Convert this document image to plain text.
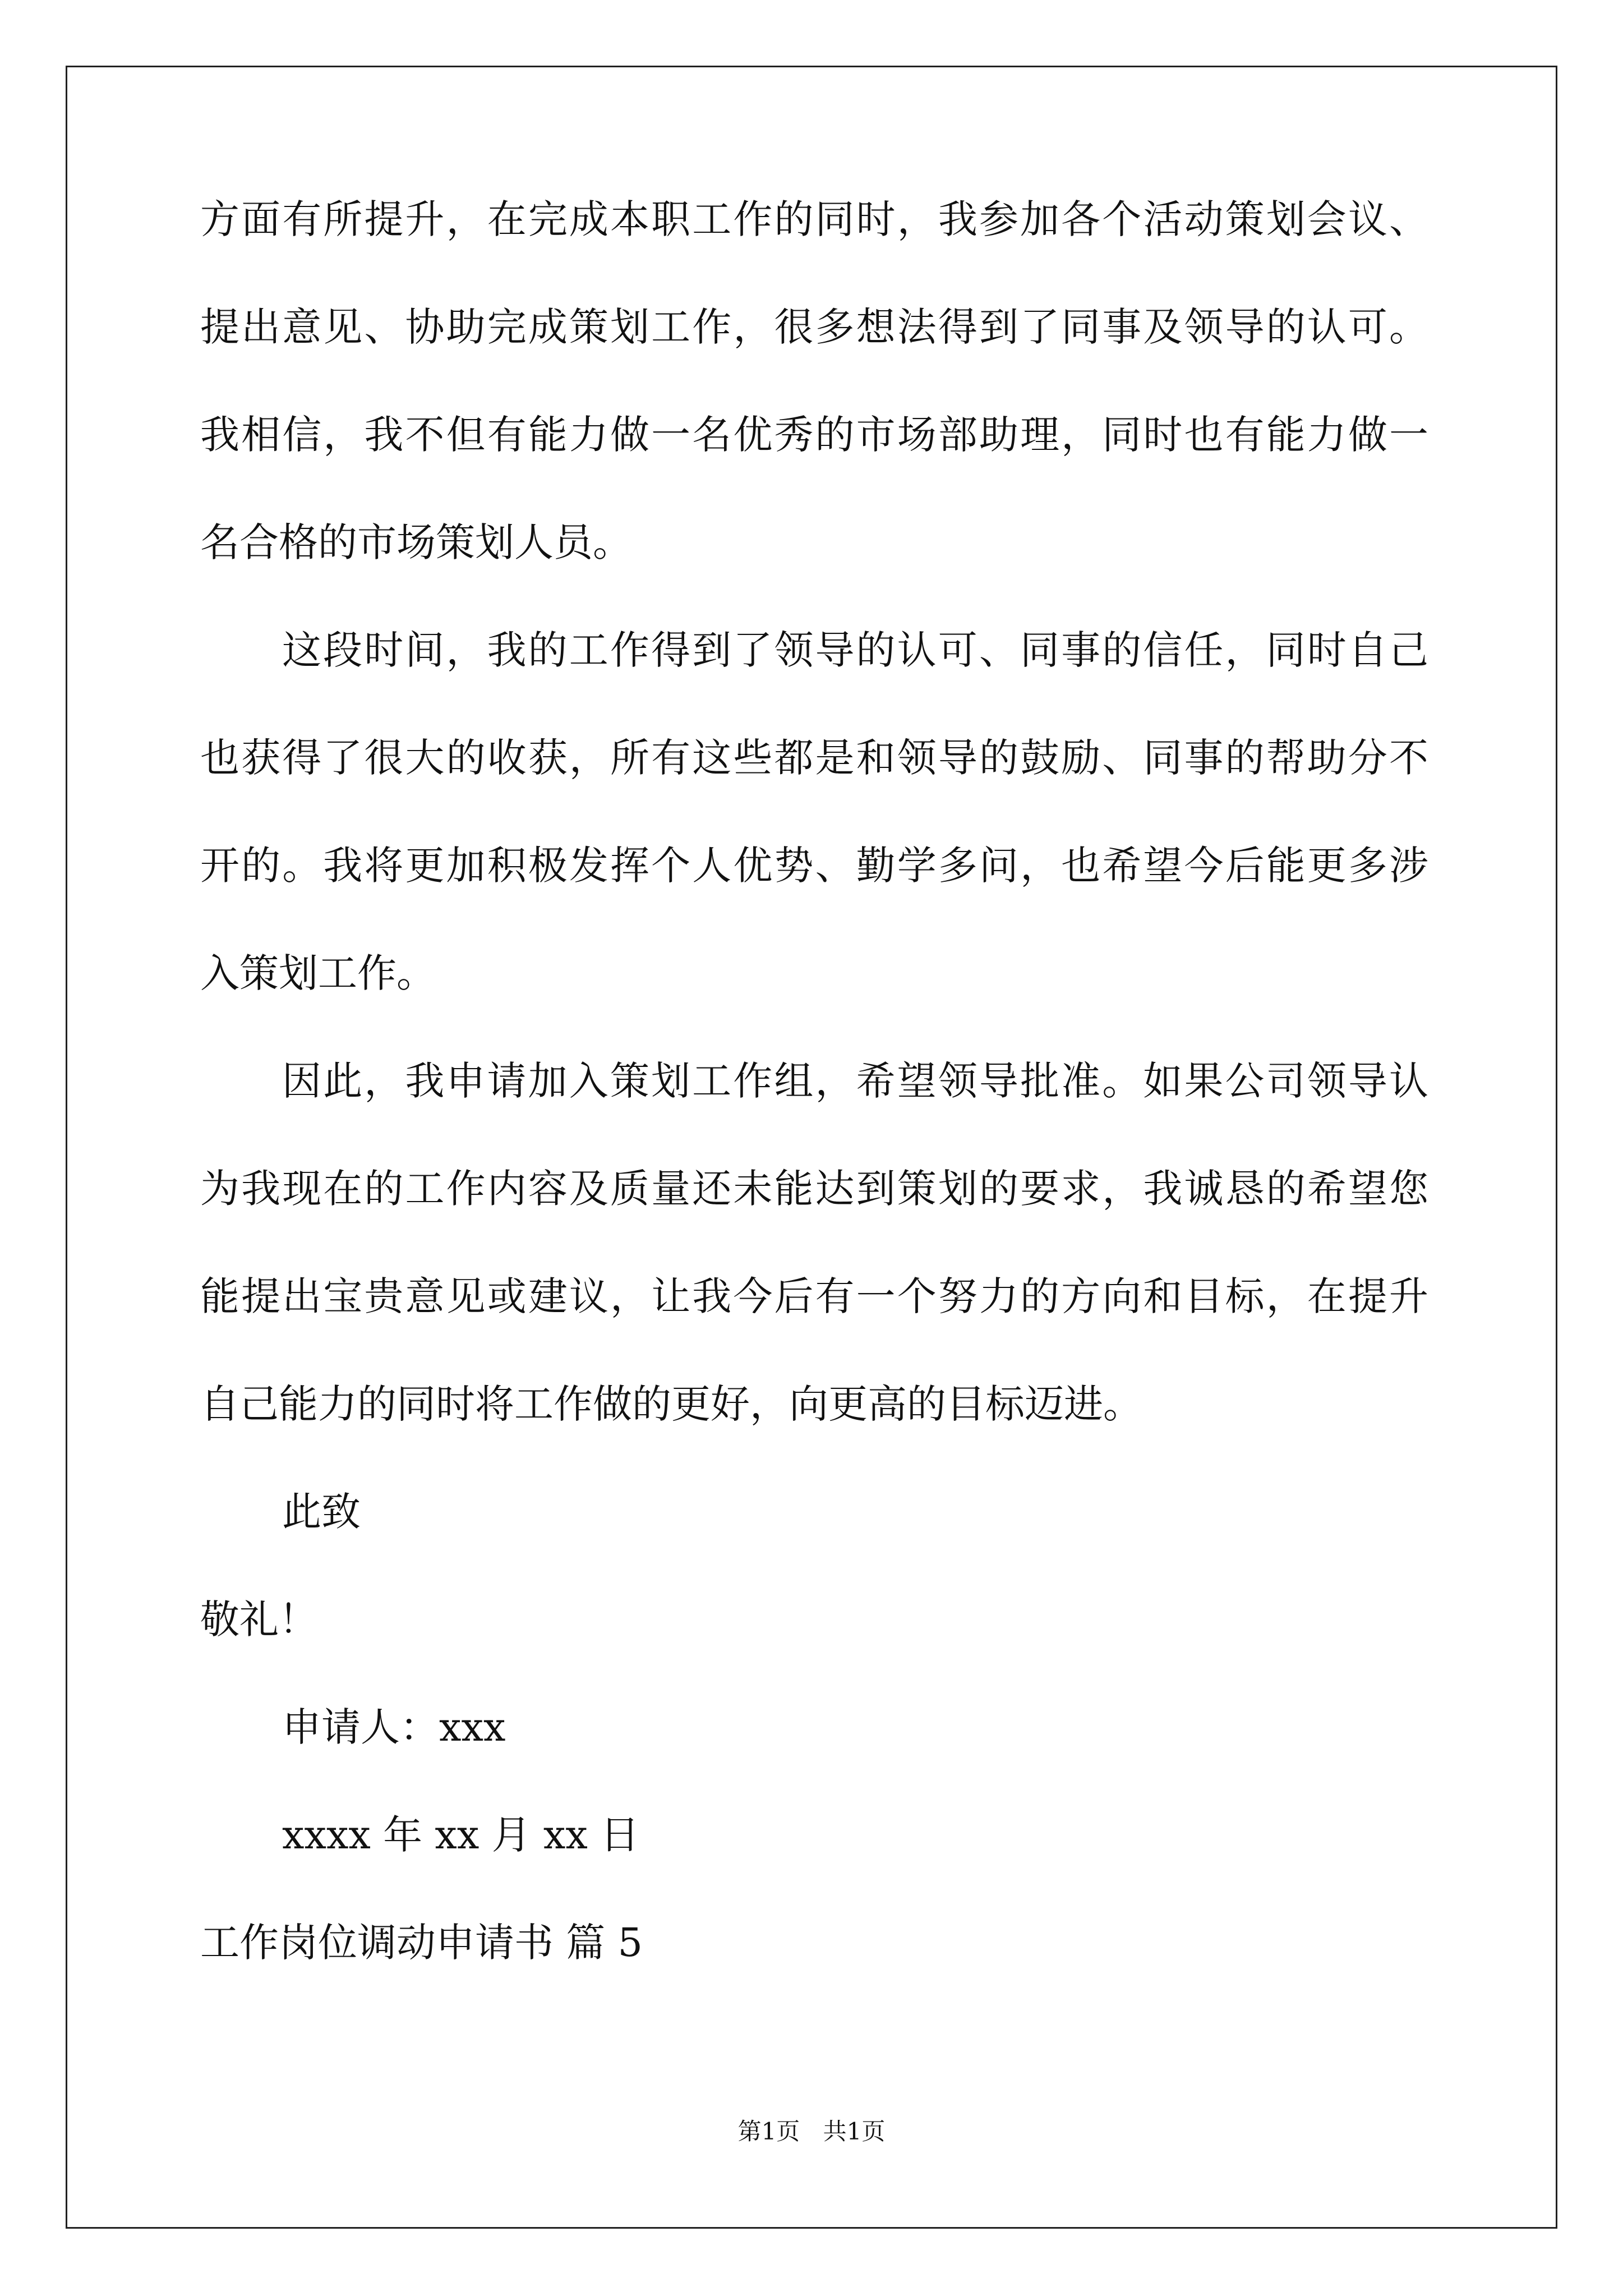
方面有所提升，在完成本职工作的同时，我参加各个活动策划会议、
提出意见、协助完成策划工作，很多想法得到了同事及领导的认可。
我相信，我不但有能力做一名优秀的市场部助理，同时也有能力做一
名合格的市场策划人员。
这段时间，我的工作得到了领导的认可、同事的信任，同时自己
也获得了很大的收获，所有这些都是和领导的鼓励、同事的帮助分不
开的。我将更加积极发挥个人优势、勤学多问，也希望今后能更多涉
入策划工作。
因此，我申请加入策划工作组，希望领导批准。如果公司领导认
为我现在的工作内容及质量还未能达到策划的要求，我诚恳的希望您
能提出宝贵意见或建议，让我今后有一个努力的方向和目标，在提升
自己能力的同时将工作做的更好，向更高的目标迈进。
此致
敬礼！
申请人：xxx
xxxx 年 xx 月 xx 日
工作岗位调动申请书 篇 5
第1页 共1页
